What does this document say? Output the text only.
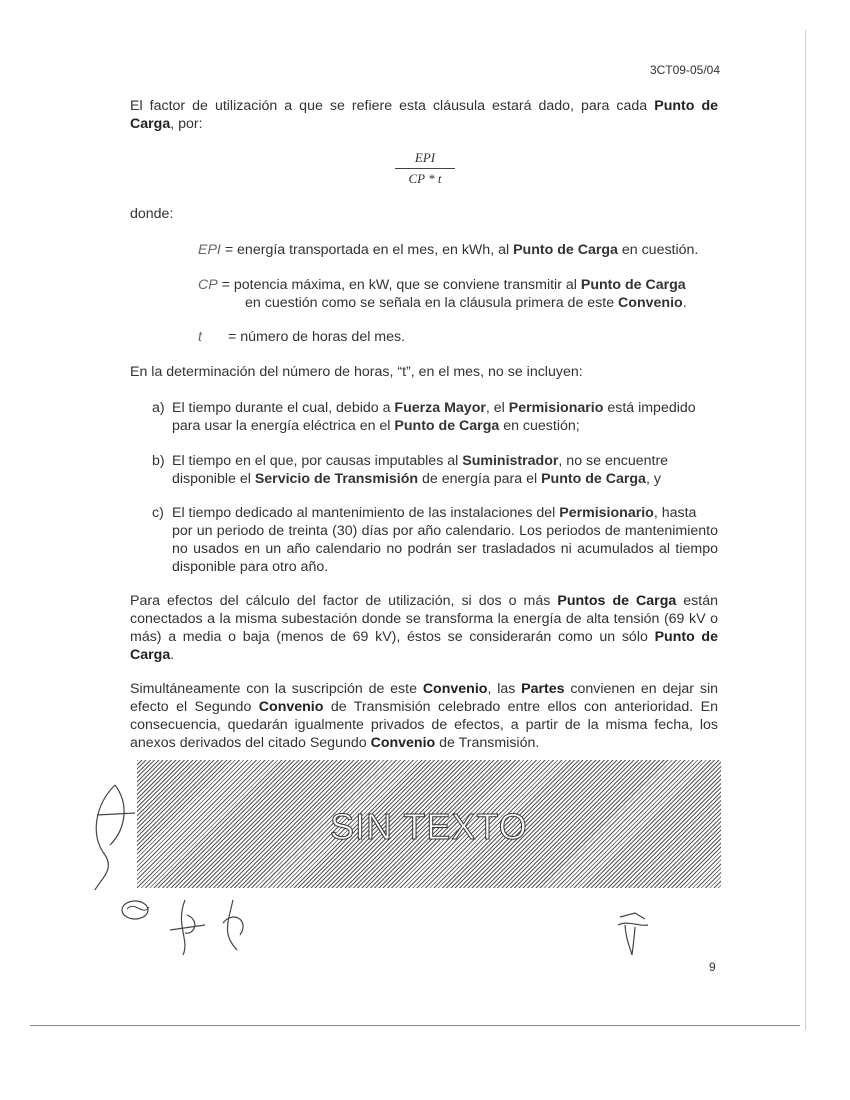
3CT09-05/04

El factor de utilización a que se refiere esta cláusula estará dado, para cada Punto de Carga, por:

EPI
CP * t
donde:
EPI = energía transportada en el mes, en kWh, al Punto de Carga en cuestión.
CP = potencia máxima, en kW, que se conviene transmitir al Punto de Carga
en cuestión como se señala en la cláusula primera de este Convenio.
t = número de horas del mes.

En la determinación del número de horas, “t”, en el mes, no se incluyen:

a) El tiempo durante el cual, debido a Fuerza Mayor, el Permisionario está impedido
para usar la energía eléctrica en el Punto de Carga en cuestión;
b) El tiempo en el que, por causas imputables al Suministrador, no se encuentre
disponible el Servicio de Transmisión de energía para el Punto de Carga, y
c) El tiempo dedicado al mantenimiento de las instalaciones del Permisionario, hasta
por un periodo de treinta (30) días por año calendario. Los periodos de mantenimiento no usados en un año calendario no podrán ser trasladados ni acumulados al tiempo disponible para otro año.

Para efectos del cálculo del factor de utilización, si dos o más Puntos de Carga están conectados a la misma subestación donde se transforma la energía de alta tensión (69 kV o más) a media o baja (menos de 69 kV), éstos se considerarán como un sólo Punto de Carga.

Simultáneamente con la suscripción de este Convenio, las Partes convienen en dejar sin efecto el Segundo Convenio de Transmisión celebrado entre ellos con anterioridad. En consecuencia, quedarán igualmente privados de efectos, a partir de la misma fecha, los anexos derivados del citado Segundo Convenio de Transmisión.

SIN TEXTO
9
